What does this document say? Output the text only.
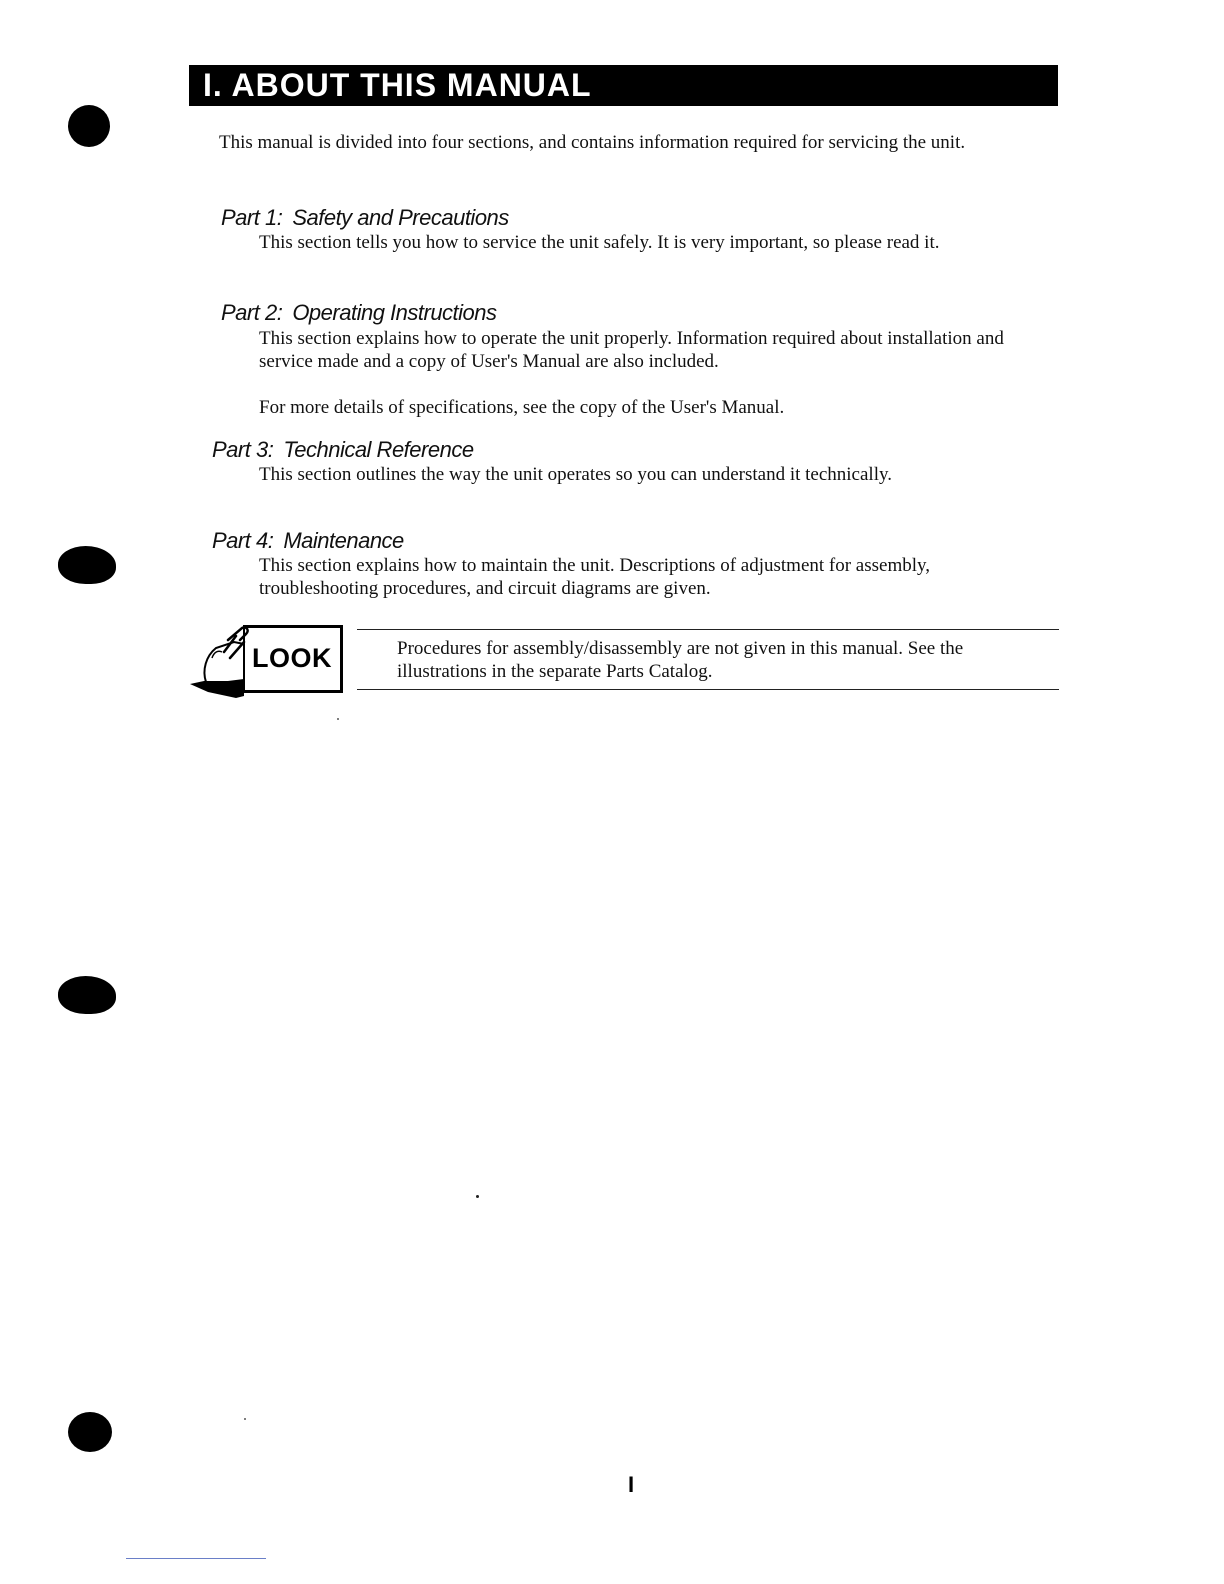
I. ABOUT THIS MANUAL

This manual is divided into four sections, and contains information required for servicing the unit.

Part 1: Safety and Precautions

This section tells you how to service the unit safely. It is very important, so please read it.

Part 2: Operating Instructions

This section explains how to operate the unit properly. Information required about installation and service made and a copy of User's Manual are also included.

For more details of specifications, see the copy of the User's Manual.

Part 3: Technical Reference

This section outlines the way the unit operates so you can understand it technically.

Part 4: Maintenance

This section explains how to maintain the unit. Descriptions of adjustment for assembly, troubleshooting procedures, and circuit diagrams are given.

LOOK	Procedures for assembly/disassembly are not given in this manual. See the illustrations in the separate Parts Catalog.

I
